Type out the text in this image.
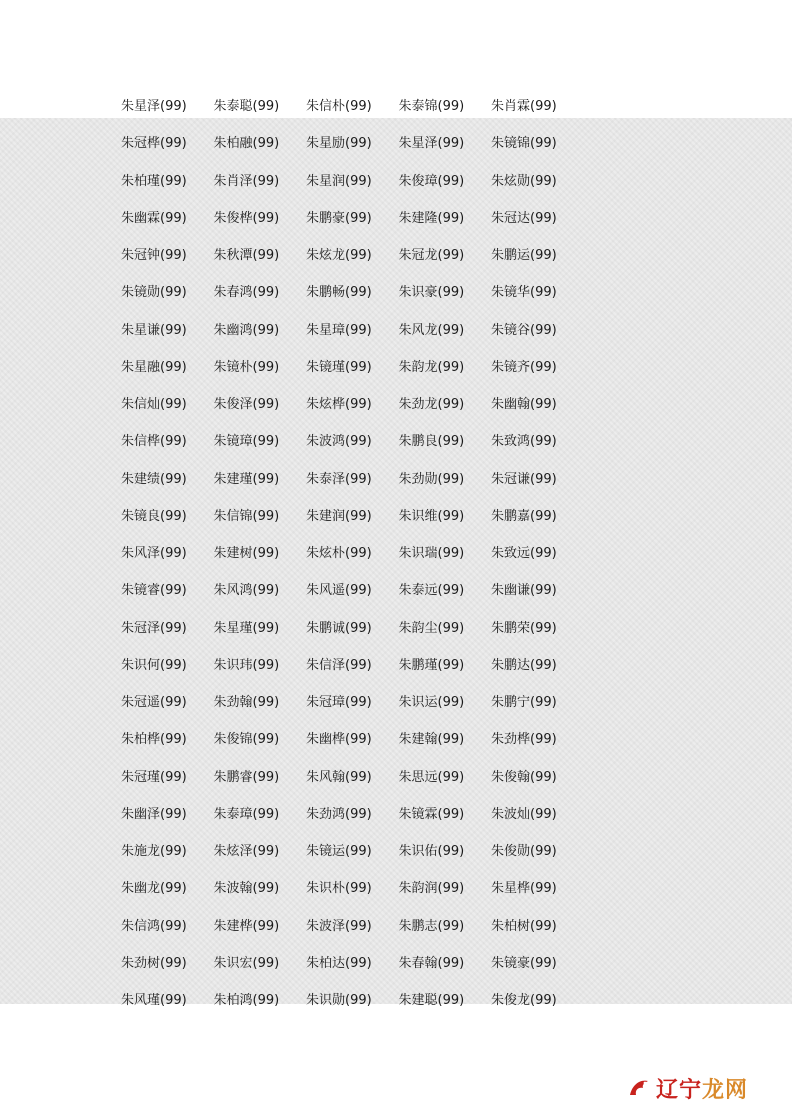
朱星泽(99)	朱泰聪(99)	朱信朴(99)	朱泰锦(99)	朱肖霖(99)
朱冠桦(99)	朱柏融(99)	朱星励(99)	朱星泽(99)	朱镜锦(99)
朱柏瑾(99)	朱肖泽(99)	朱星润(99)	朱俊璋(99)	朱炫勋(99)
朱幽霖(99)	朱俊桦(99)	朱鹏豪(99)	朱建隆(99)	朱冠达(99)
朱冠钟(99)	朱秋潭(99)	朱炫龙(99)	朱冠龙(99)	朱鹏运(99)
朱镜勋(99)	朱春鸿(99)	朱鹏畅(99)	朱识豪(99)	朱镜华(99)
朱星谦(99)	朱幽鸿(99)	朱星璋(99)	朱风龙(99)	朱镜谷(99)
朱星融(99)	朱镜朴(99)	朱镜瑾(99)	朱韵龙(99)	朱镜齐(99)
朱信灿(99)	朱俊泽(99)	朱炫桦(99)	朱劲龙(99)	朱幽翰(99)
朱信桦(99)	朱镜璋(99)	朱波鸿(99)	朱鹏良(99)	朱致鸿(99)
朱建绩(99)	朱建瑾(99)	朱泰泽(99)	朱劲勋(99)	朱冠谦(99)
朱镜良(99)	朱信锦(99)	朱建润(99)	朱识维(99)	朱鹏嘉(99)
朱风泽(99)	朱建树(99)	朱炫朴(99)	朱识瑞(99)	朱致远(99)
朱镜睿(99)	朱风鸿(99)	朱风遥(99)	朱泰远(99)	朱幽谦(99)
朱冠泽(99)	朱星瑾(99)	朱鹏诚(99)	朱韵尘(99)	朱鹏荣(99)
朱识何(99)	朱识玮(99)	朱信泽(99)	朱鹏瑾(99)	朱鹏达(99)
朱冠遥(99)	朱劲翰(99)	朱冠璋(99)	朱识运(99)	朱鹏宁(99)
朱柏桦(99)	朱俊锦(99)	朱幽桦(99)	朱建翰(99)	朱劲桦(99)
朱冠瑾(99)	朱鹏睿(99)	朱风翰(99)	朱思远(99)	朱俊翰(99)
朱幽泽(99)	朱泰璋(99)	朱劲鸿(99)	朱镜霖(99)	朱波灿(99)
朱施龙(99)	朱炫泽(99)	朱镜运(99)	朱识佑(99)	朱俊勋(99)
朱幽龙(99)	朱波翰(99)	朱识朴(99)	朱韵润(99)	朱星桦(99)
朱信鸿(99)	朱建桦(99)	朱波泽(99)	朱鹏志(99)	朱柏树(99)
朱劲树(99)	朱识宏(99)	朱柏达(99)	朱春翰(99)	朱镜豪(99)
朱风瑾(99)	朱柏鸿(99)	朱识勋(99)	朱建聪(99)	朱俊龙(99)
辽宁龙网
